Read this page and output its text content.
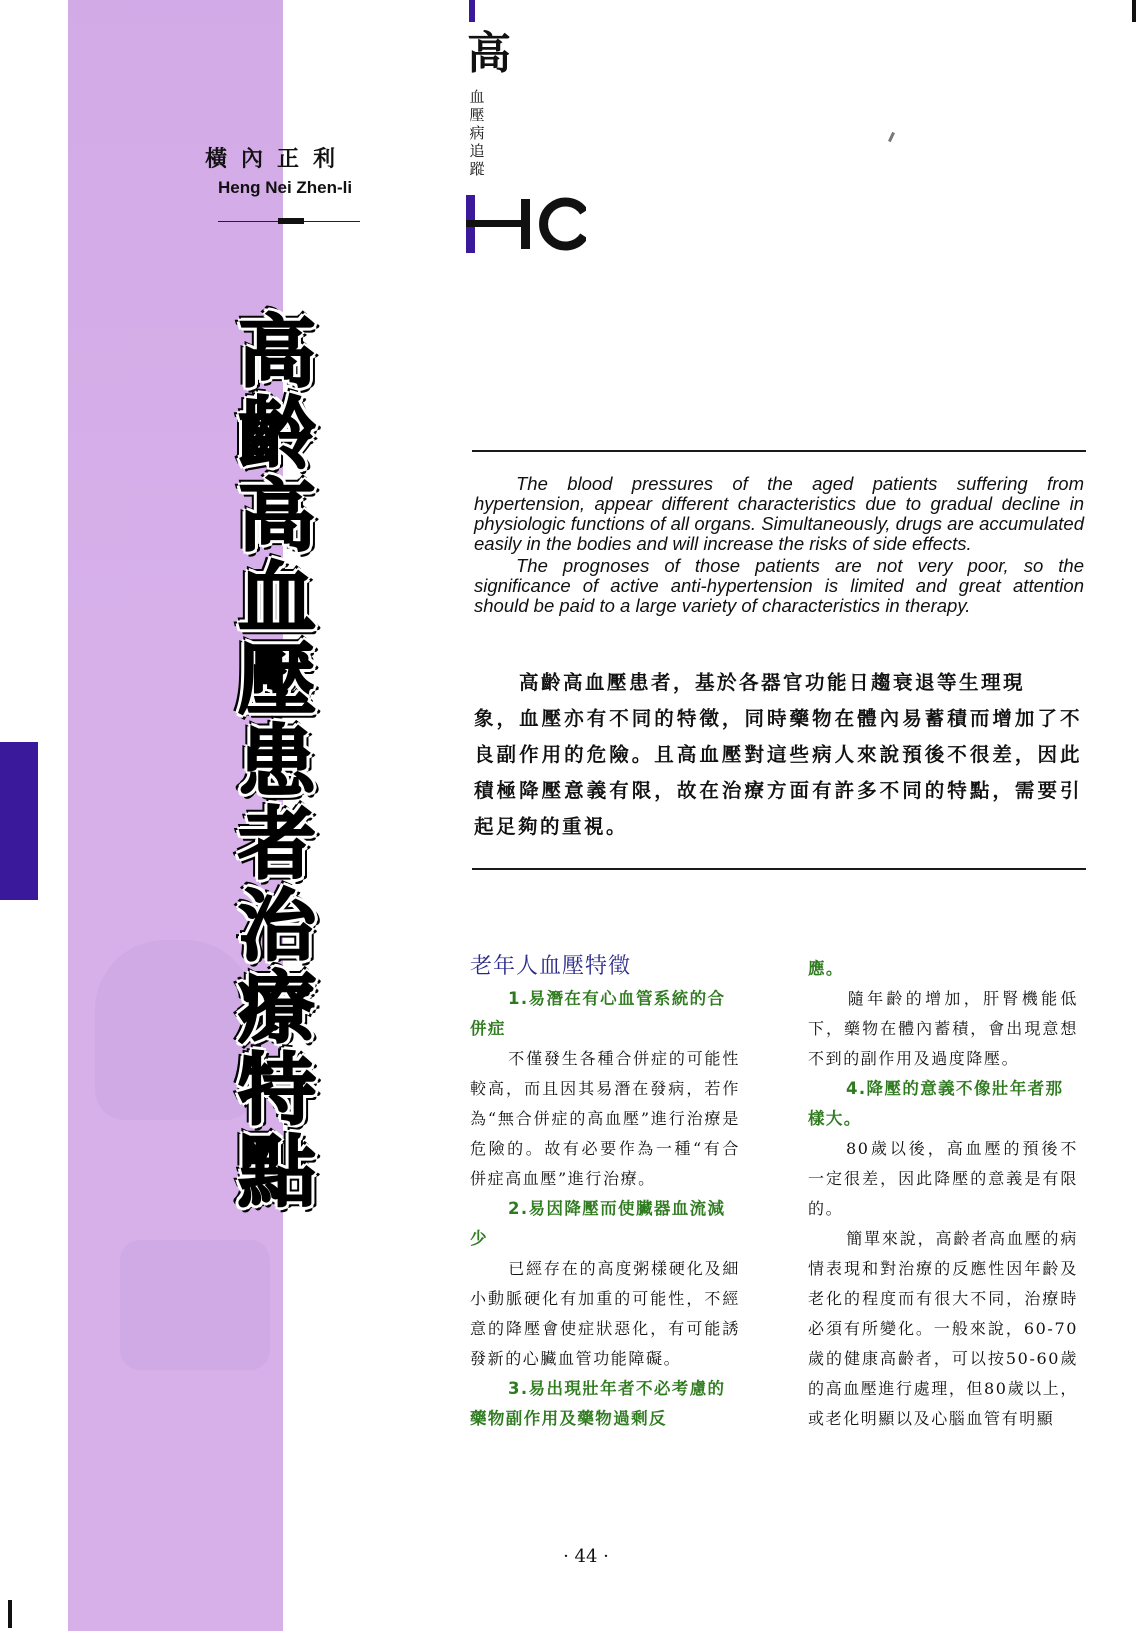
橫內正利
Heng Nei Zhen-li
高
齡
高
血
壓
患
者
治
療
特
點
高
血
壓
病
追
蹤

The blood pressures of the aged patients suffering from hypertension, appear different characteristics due to gradual decline in physiologic functions of all organs. Simultaneously, drugs are accumulated easily in the bodies and will increase the risks of side effects.

The prognoses of those patients are not very poor, so the significance of active anti-hypertension is limited and great attention should be paid to a large variety of characteristics in therapy.

高齡高血壓患者，基於各器官功能日趨衰退等生理現
象，血壓亦有不同的特徵，同時藥物在體內易蓄積而增加了不良副作用的危險。且高血壓對這些病人來說預後不很差，因此積極降壓意義有限，故在治療方面有許多不同的特點，需要引起足夠的重視。

老年人血壓特徵

1.易潛在有心血管系統的合併症

不僅發生各種合併症的可能性較高，而且因其易潛在發病，若作為“無合併症的高血壓”進行治療是危險的。故有必要作為一種“有合併症高血壓”進行治療。

2.易因降壓而使臟器血流減少

已經存在的高度粥樣硬化及細小動脈硬化有加重的可能性，不經意的降壓會使症狀惡化，有可能誘發新的心臟血管功能障礙。

3.易出現壯年者不必考慮的藥物副作用及藥物過剩反

應。

隨年齡的增加，肝腎機能低下，藥物在體內蓄積，會出現意想不到的副作用及過度降壓。

4.降壓的意義不像壯年者那樣大。

80歲以後，高血壓的預後不一定很差，因此降壓的意義是有限的。

簡單來說，高齡者高血壓的病情表現和對治療的反應性因年齡及老化的程度而有很大不同，治療時必須有所變化。一般來說，60-70歲的健康高齡者，可以按50-60歲的高血壓進行處理，但80歲以上，或老化明顯以及心腦血管有明顯

· 44 ·
